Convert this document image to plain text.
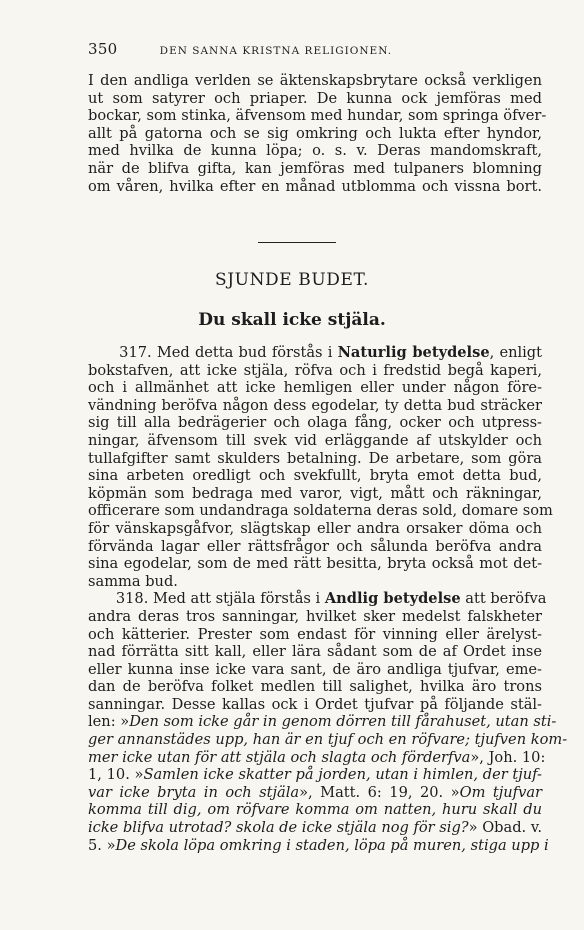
350	DEN SANNA KRISTNA RELIGIONEN.
I den andliga verlden se äktenskapsbrytare också verkligen
ut som satyrer och priaper. De kunna ock jemföras med
bockar, som stinka, äfvensom med hundar, som springa öfver-
allt på gatorna och se sig omkring och lukta efter hyndor,
med hvilka de kunna löpa; o. s. v. Deras mandomskraft,
när de blifva gifta, kan jemföras med tulpaners blomning
om våren, hvilka efter en månad utblomma och vissna bort.
SJUNDE BUDET.
Du skall icke stjäla.
317. Med detta bud förstås i Naturlig betydelse, enligt
bokstafven, att icke stjäla, röfva och i fredstid begå kaperi,
och i allmänhet att icke hemligen eller under någon före-
vändning beröfva någon dess egodelar, ty detta bud sträcker
sig till alla bedrägerier och olaga fång, ocker och utpress-
ningar, äfvensom till svek vid erläggande af utskylder och
tullafgifter samt skulders betalning. De arbetare, som göra
sina arbeten oredligt och svekfullt, bryta emot detta bud,
köpmän som bedraga med varor, vigt, mått och räkningar,
officerare som undandraga soldaterna deras sold, domare som
för vänskapsgåfvor, slägtskap eller andra orsaker döma och
förvända lagar eller rättsfrågor och sålunda beröfva andra
sina egodelar, som de med rätt besitta, bryta också mot det-
samma bud.
318. Med att stjäla förstås i Andlig betydelse att beröfva
andra deras tros sanningar, hvilket sker medelst falskheter
och kätterier. Prester som endast för vinning eller ärelyst-
nad förrätta sitt kall, eller lära sådant som de af Ordet inse
eller kunna inse icke vara sant, de äro andliga tjufvar, eme-
dan de beröfva folket medlen till salighet, hvilka äro trons
sanningar. Desse kallas ock i Ordet tjufvar på följande stäl-
len: »Den som icke går in genom dörren till fårahuset, utan sti-
ger annanstädes upp, han är en tjuf och en röfvare; tjufven kom-
mer icke utan för att stjäla och slagta och förderfva», Joh. 10:
1, 10. »Samlen icke skatter på jorden, utan i himlen, der tjuf-
var icke bryta in och stjäla», Matt. 6: 19, 20. »Om tjufvar
komma till dig, om röfvare komma om natten, huru skall du
icke blifva utrotad? skola de icke stjäla nog för sig?» Obad. v.
5. »De skola löpa omkring i staden, löpa på muren, stiga upp i
